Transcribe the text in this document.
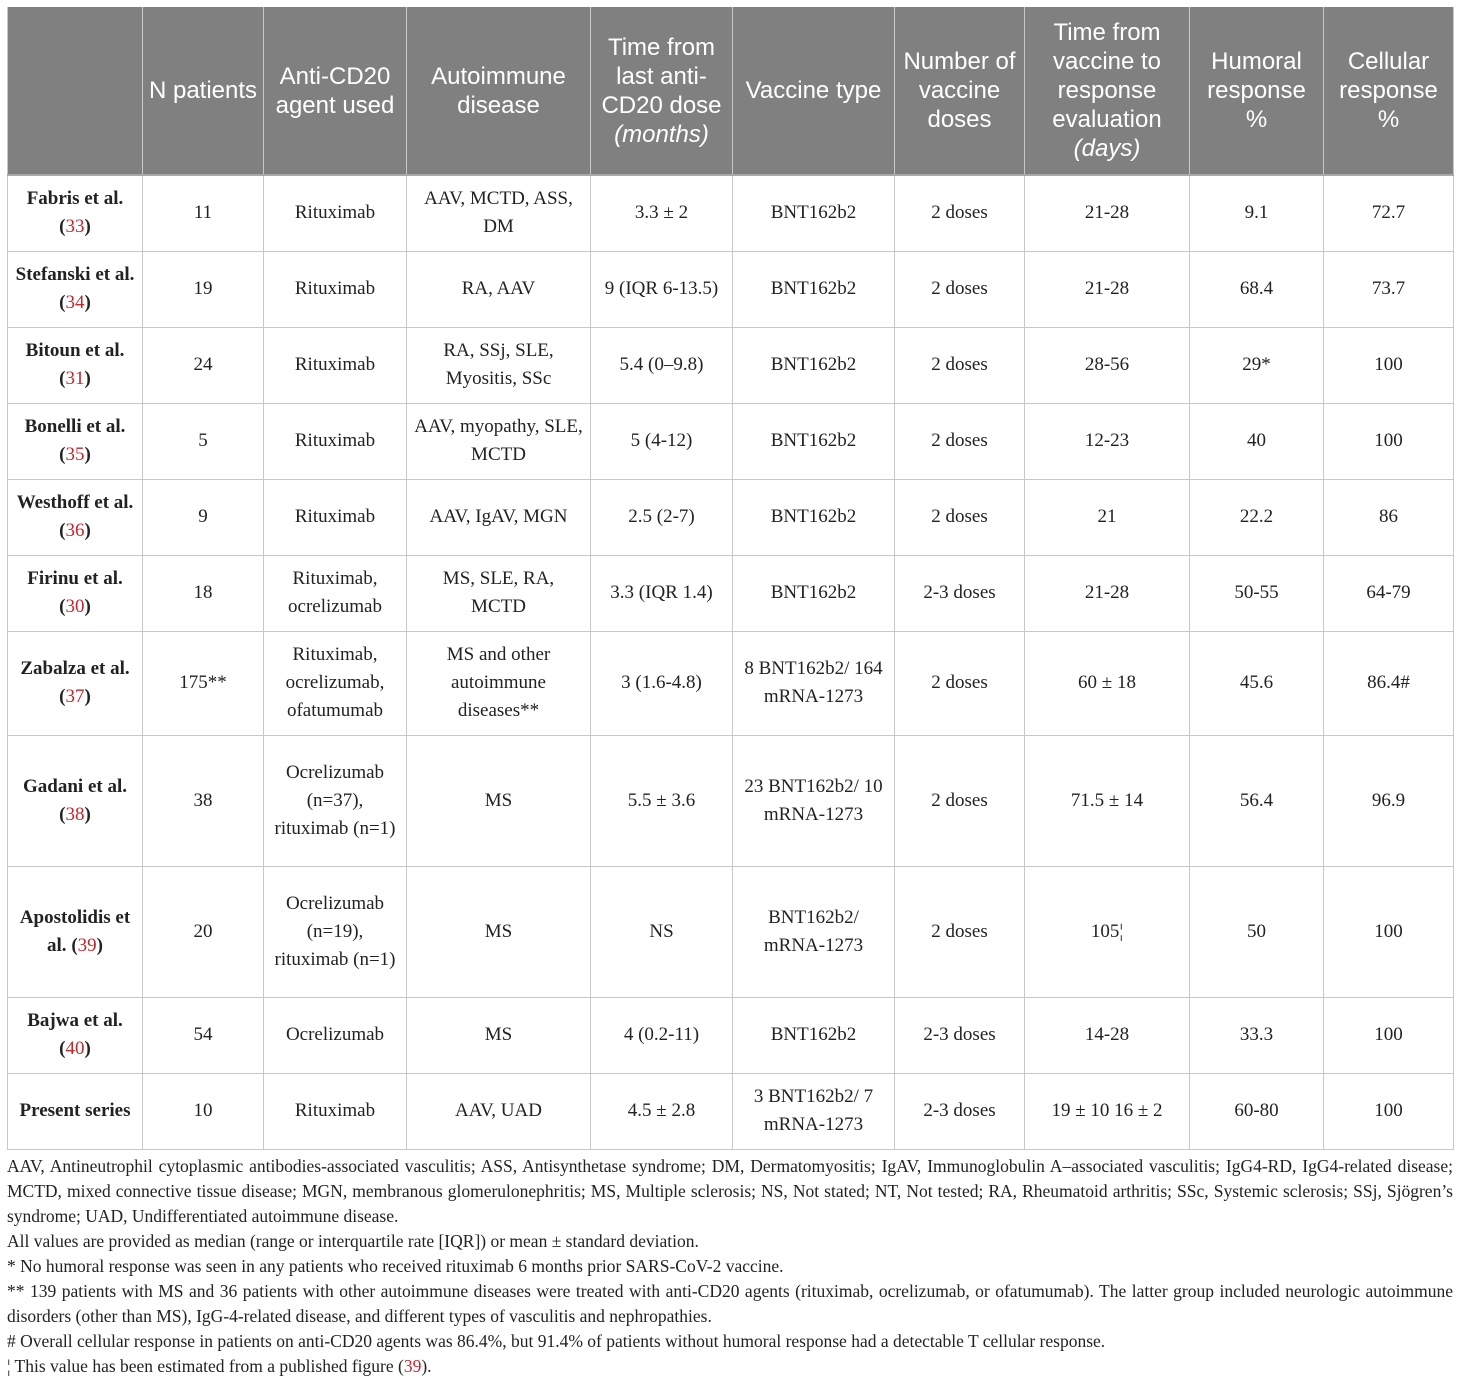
	N patients	Anti-CD20 agent used	Autoimmune disease	Time from last anti-CD20 dose (months)	Vaccine type	Number of vaccine doses	Time from vaccine to response evaluation (days)	Humoral response %	Cellular response %
Fabris et al. (33)	11	Rituximab	AAV, MCTD, ASS, DM	3.3 ± 2	BNT162b2	2 doses	21-28	9.1	72.7
Stefanski et al. (34)	19	Rituximab	RA, AAV	9 (IQR 6-13.5)	BNT162b2	2 doses	21-28	68.4	73.7
Bitoun et al. (31)	24	Rituximab	RA, SSj, SLE, Myositis, SSc	5.4 (0–9.8)	BNT162b2	2 doses	28-56	29*	100
Bonelli et al. (35)	5	Rituximab	AAV, myopathy, SLE, MCTD	5 (4-12)	BNT162b2	2 doses	12-23	40	100
Westhoff et al. (36)	9	Rituximab	AAV, IgAV, MGN	2.5 (2-7)	BNT162b2	2 doses	21	22.2	86
Firinu et al. (30)	18	Rituximab, ocrelizumab	MS, SLE, RA, MCTD	3.3 (IQR 1.4)	BNT162b2	2-3 doses	21-28	50-55	64-79
Zabalza et al. (37)	175**	Rituximab, ocrelizumab, ofatumumab	MS and other autoimmune diseases**	3 (1.6-4.8)	8 BNT162b2/ 164 mRNA-1273	2 doses	60 ± 18	45.6	86.4#
Gadani et al. (38)	38	Ocrelizumab (n=37), rituximab (n=1)	MS	5.5 ± 3.6	23 BNT162b2/ 10 mRNA-1273	2 doses	71.5 ± 14	56.4	96.9
Apostolidis et al. (39)	20	Ocrelizumab (n=19), rituximab (n=1)	MS	NS	BNT162b2/ mRNA-1273	2 doses	105¦	50	100
Bajwa et al. (40)	54	Ocrelizumab	MS	4 (0.2-11)	BNT162b2	2-3 doses	14-28	33.3	100
Present series	10	Rituximab	AAV, UAD	4.5 ± 2.8	3 BNT162b2/ 7 mRNA-1273	2-3 doses	19 ± 10 16 ± 2	60-80	100

AAV, Antineutrophil cytoplasmic antibodies-associated vasculitis; ASS, Antisynthetase syndrome; DM, Dermatomyositis; IgAV, Immunoglobulin A–associated vasculitis; IgG4-RD, IgG4-related disease; MCTD, mixed connective tissue disease; MGN, membranous glomerulonephritis; MS, Multiple sclerosis; NS, Not stated; NT, Not tested; RA, Rheumatoid arthritis; SSc, Systemic sclerosis; SSj, Sjögren’s syndrome; UAD, Undifferentiated autoimmune disease.

All values are provided as median (range or interquartile rate [IQR]) or mean ± standard deviation.

* No humoral response was seen in any patients who received rituximab 6 months prior SARS-CoV-2 vaccine.

** 139 patients with MS and 36 patients with other autoimmune diseases were treated with anti-CD20 agents (rituximab, ocrelizumab, or ofatumumab). The latter group included neurologic autoimmune disorders (other than MS), IgG-4-related disease, and different types of vasculitis and nephropathies.

# Overall cellular response in patients on anti-CD20 agents was 86.4%, but 91.4% of patients without humoral response had a detectable T cellular response.

¦ This value has been estimated from a published figure (39).
